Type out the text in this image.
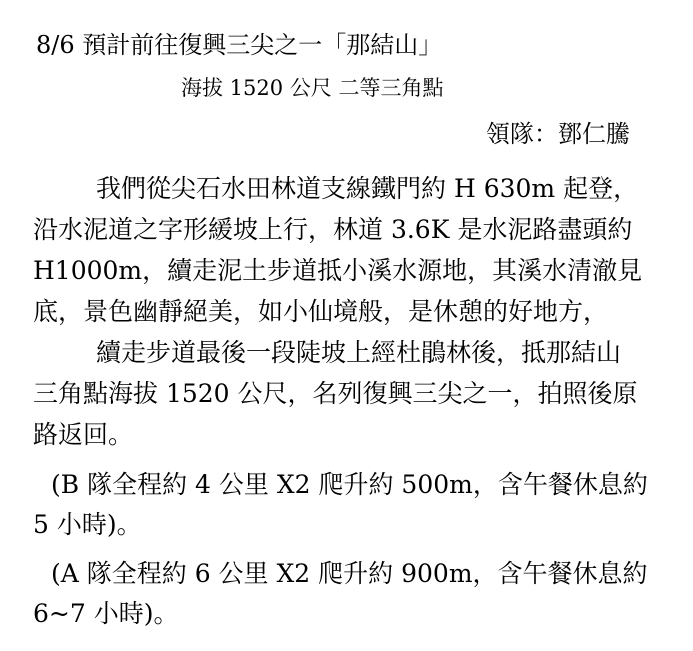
8/6 預計前往復興三尖之一「那結山」
海拔 1520 公尺 二等三角點
領隊：鄧仁騰
我們從尖石水田林道支線鐵門約 H 630m 起登，
沿水泥道之字形緩坡上行，林道 3.6K 是水泥路盡頭約
H1000m，續走泥土步道抵小溪水源地，其溪水清澈見
底，景色幽靜絕美，如小仙境般，是休憩的好地方，
續走步道最後一段陡坡上經杜鵑林後，抵那結山
三角點海拔 1520 公尺，名列復興三尖之一，拍照後原
路返回。
(B 隊全程約 4 公里 X2 爬升約 500m，含午餐休息約
5 小時)。
(A 隊全程約 6 公里 X2 爬升約 900m，含午餐休息約
6~7 小時)。
